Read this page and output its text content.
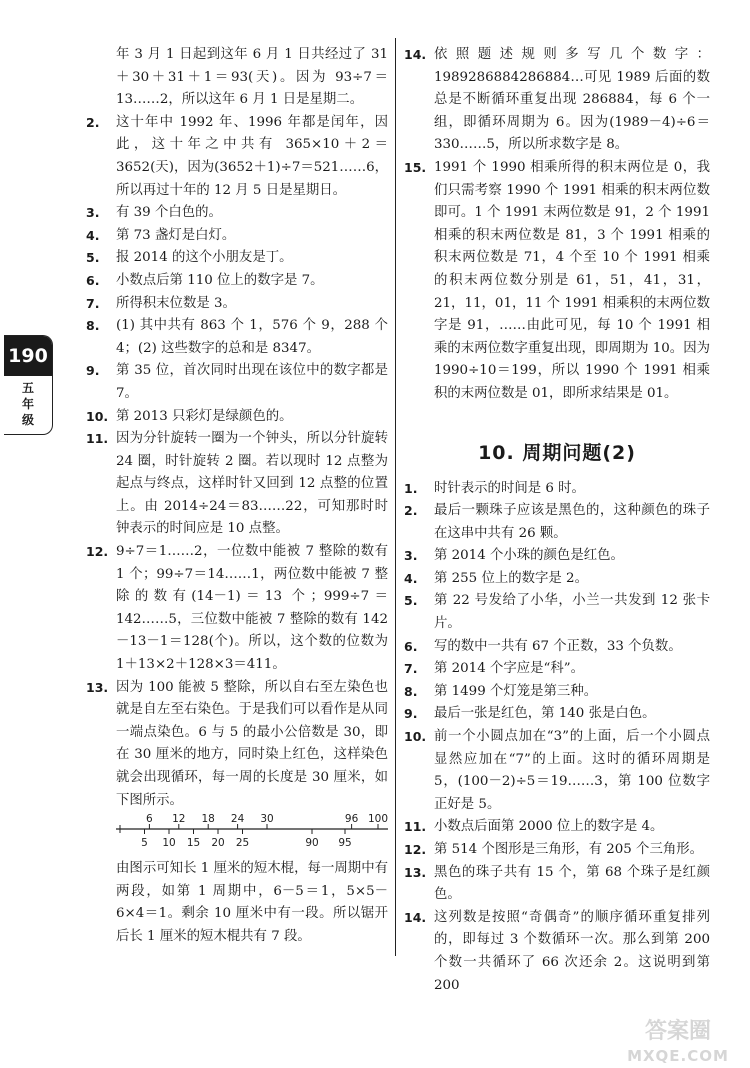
190
五年级
年 3 月 1 日起到这年 6 月 1 日共经过了 31＋30＋31＋1＝93(天)。因为 93÷7＝13……2，所以这年 6 月 1 日是星期二。
2. 这十年中 1992 年、1996 年都是闰年，因此，这十年之中共有 365×10＋2＝3652(天)，因为(3652＋1)÷7＝521……6，所以再过十年的 12 月 5 日是星期日。
3. 有 39 个白色的。
4. 第 73 盏灯是白灯。
5. 报 2014 的这个小朋友是丁。
6. 小数点后第 110 位上的数字是 7。
7. 所得积末位数是 3。
8. (1) 其中共有 863 个 1，576 个 9，288 个 4；(2) 这些数字的总和是 8347。
9. 第 35 位，首次同时出现在该位中的数字都是 7。
10. 第 2013 只彩灯是绿颜色的。
11. 因为分针旋转一圈为一个钟头，所以分针旋转 24 圈，时针旋转 2 圈。若以现时 12 点整为起点与终点，这样时针又回到 12 点整的位置上。由 2014÷24＝83……22，可知那时时钟表示的时间应是 10 点整。
12. 9÷7＝1……2，一位数中能被 7 整除的数有 1 个；99÷7＝14……1，两位数中能被 7 整除的数有(14－1)＝13 个；999÷7＝142……5，三位数中能被 7 整除的数有 142－13－1＝128(个)。所以，这个数的位数为 1＋13×2＋128×3＝411。
13. 因为 100 能被 5 整除，所以自右至左染色也就是自左至右染色。于是我们可以看作是从同一端点染色。6 与 5 的最小公倍数是 30，即在 30 厘米的地方，同时染上红色，这样染色就会出现循环，每一周的长度是 30 厘米，如下图所示。
6 12 18 24 30	96 100
5 10 15 20 25	90 95
由图示可知长 1 厘米的短木棍，每一周期中有两段，如第 1 周期中，6－5＝1，5×5－6×4＝1。剩余 10 厘米中有一段。所以锯开后长 1 厘米的短木棍共有 7 段。
14. 依照题述规则多写几个数字：1989286884286884…可见 1989 后面的数总是不断循环重复出现 286884，每 6 个一组，即循环周期为 6。因为(1989－4)÷6＝330……5，所以所求数字是 8。
15. 1991 个 1990 相乘所得的积末两位是 0，我们只需考察 1990 个 1991 相乘的积末两位数即可。1 个 1991 末两位数是 91，2 个 1991 相乘的积末两位数是 81，3 个 1991 相乘的积末两位数是 71，4 个至 10 个 1991 相乘的积末两位数分别是 61，51，41，31，21，11，01，11 个 1991 相乘积的末两位数字是 91，……由此可见，每 10 个 1991 相乘的末两位数字重复出现，即周期为 10。因为 1990÷10＝199，所以 1990 个 1991 相乘积的末两位数是 01，即所求结果是 01。
10. 周期问题(2)
1. 时针表示的时间是 6 时。
2. 最后一颗珠子应该是黑色的，这种颜色的珠子在这串中共有 26 颗。
3. 第 2014 个小珠的颜色是红色。
4. 第 255 位上的数字是 2。
5. 第 22 号发给了小华，小兰一共发到 12 张卡片。
6. 写的数中一共有 67 个正数，33 个负数。
7. 第 2014 个字应是“科”。
8. 第 1499 个灯笼是第三种。
9. 最后一张是红色，第 140 张是白色。
10. 前一个小圆点加在“3”的上面，后一个小圆点显然应加在“7”的上面。这时的循环周期是 5，(100－2)÷5＝19……3，第 100 位数字正好是 5。
11. 小数点后面第 2000 位上的数字是 4。
12. 第 514 个图形是三角形，有 205 个三角形。
13. 黑色的珠子共有 15 个，第 68 个珠子是红颜色。
14. 这列数是按照“奇偶奇”的顺序循环重复排列的，即每过 3 个数循环一次。那么到第 200 个数一共循环了 66 次还余 2。这说明到第 200
答案圈
MXQE.COM
